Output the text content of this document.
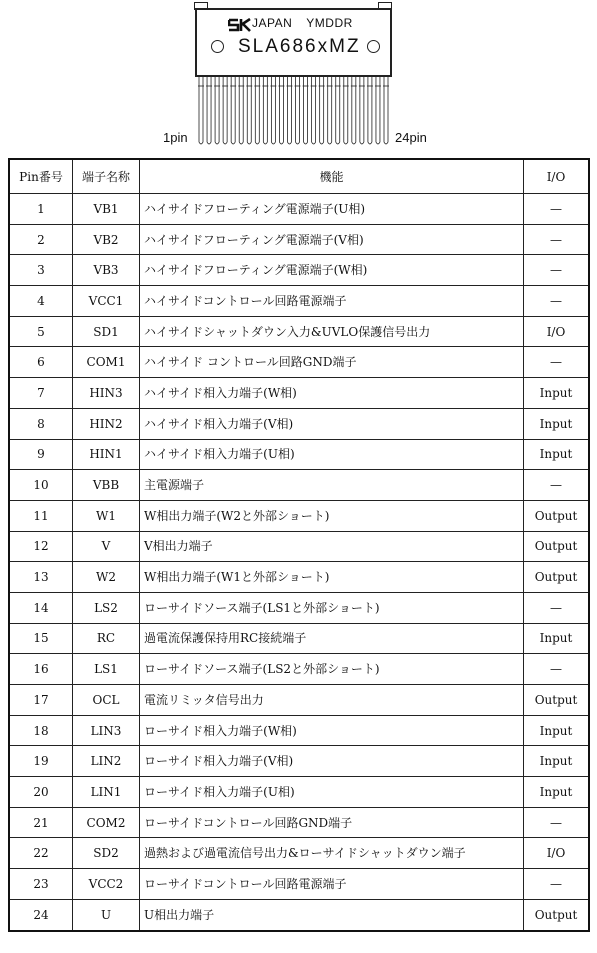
JAPAN YMDDR
SLA686xMZ
1pin	24pin
Pin番号	端子名称	機能	I/O
1	VB1	ハイサイドフローティング電源端子(U相)	—
2	VB2	ハイサイドフローティング電源端子(V相)	—
3	VB3	ハイサイドフローティング電源端子(W相)	—
4	VCC1	ハイサイドコントロール回路電源端子	—
5	SD1	ハイサイドシャットダウン入力&UVLO保護信号出力	I/O
6	COM1	ハイサイド コントロール回路GND端子	—
7	HIN3	ハイサイド相入力端子(W相)	Input
8	HIN2	ハイサイド相入力端子(V相)	Input
9	HIN1	ハイサイド相入力端子(U相)	Input
10	VBB	主電源端子	—
11	W1	W相出力端子(W2と外部ショート)	Output
12	V	V相出力端子	Output
13	W2	W相出力端子(W1と外部ショート)	Output
14	LS2	ローサイドソース端子(LS1と外部ショート)	—
15	RC	過電流保護保持用RC接続端子	Input
16	LS1	ローサイドソース端子(LS2と外部ショート)	—
17	OCL	電流リミッタ信号出力	Output
18	LIN3	ローサイド相入力端子(W相)	Input
19	LIN2	ローサイド相入力端子(V相)	Input
20	LIN1	ローサイド相入力端子(U相)	Input
21	COM2	ローサイドコントロール回路GND端子	—
22	SD2	過熱および過電流信号出力&ローサイドシャットダウン端子	I/O
23	VCC2	ローサイドコントロール回路電源端子	—
24	U	U相出力端子	Output
